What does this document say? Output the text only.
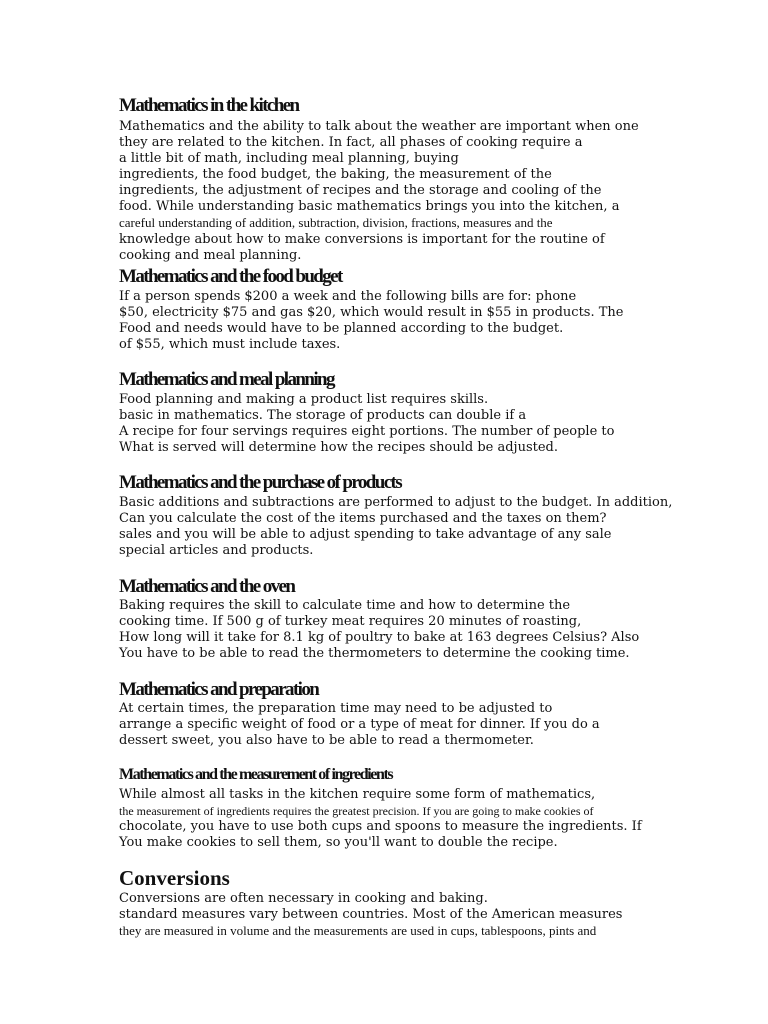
Mathematics in the kitchen

Mathematics and the ability to talk about the weather are important when one

they are related to the kitchen. In fact, all phases of cooking require a

a little bit of math, including meal planning, buying

ingredients, the food budget, the baking, the measurement of the

ingredients, the adjustment of recipes and the storage and cooling of the

food. While understanding basic mathematics brings you into the kitchen, a

careful understanding of addition, subtraction, division, fractions, measures and the

knowledge about how to make conversions is important for the routine of

cooking and meal planning.

Mathematics and the food budget

If a person spends $200 a week and the following bills are for: phone

$50, electricity $75 and gas $20, which would result in $55 in products. The

Food and needs would have to be planned according to the budget.

of $55, which must include taxes.

Mathematics and meal planning

Food planning and making a product list requires skills.

basic in mathematics. The storage of products can double if a

A recipe for four servings requires eight portions. The number of people to

What is served will determine how the recipes should be adjusted.

Mathematics and the purchase of products

Basic additions and subtractions are performed to adjust to the budget. In addition,

Can you calculate the cost of the items purchased and the taxes on them?

sales and you will be able to adjust spending to take advantage of any sale

special articles and products.

Mathematics and the oven

Baking requires the skill to calculate time and how to determine the

cooking time. If 500 g of turkey meat requires 20 minutes of roasting,

How long will it take for 8.1 kg of poultry to bake at 163 degrees Celsius? Also

You have to be able to read the thermometers to determine the cooking time.

Mathematics and preparation

At certain times, the preparation time may need to be adjusted to

arrange a specific weight of food or a type of meat for dinner. If you do a

dessert sweet, you also have to be able to read a thermometer.

Mathematics and the measurement of ingredients

While almost all tasks in the kitchen require some form of mathematics,

the measurement of ingredients requires the greatest precision. If you are going to make cookies of

chocolate, you have to use both cups and spoons to measure the ingredients. If

You make cookies to sell them, so you'll want to double the recipe.

Conversions

Conversions are often necessary in cooking and baking.

standard measures vary between countries. Most of the American measures

they are measured in volume and the measurements are used in cups, tablespoons, pints and
